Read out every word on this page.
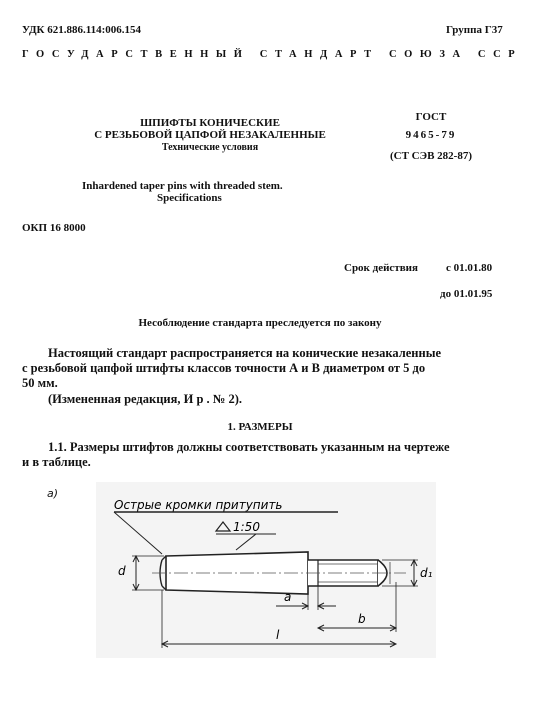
УДК 621.886.114:006.154	Группа Г37
ГОСУДАРСТВЕННЫЙ СТАНДАРТ СОЮЗА ССР
ШПИФТЫ КОНИЧЕСКИЕ
С РЕЗЬБОВОЙ ЦАПФОЙ НЕЗАКАЛЕННЫЕ
Технические условия
Inhardened taper pins with threaded stem.
Specifications
ГОСТ
9465-79
(СТ СЭВ 282-87)
ОКП 16 8000
Срок действия	с 01.01.80
до 01.01.95
Несоблюдение стандарта преследуется по закону
Настоящий стандарт распространяется на конические незакаленные
с резьбовой цапфой штифты классов точности А и В диаметром от 5 до
50 мм.
(Измененная редакция, И р . № 2).
1. РАЗМЕРЫ
1.1. Размеры штифтов должны соответствовать указанным на чертеже
и в таблице.
а)
Острые кромки притупить
1:50
d	d₁
a
b
l
